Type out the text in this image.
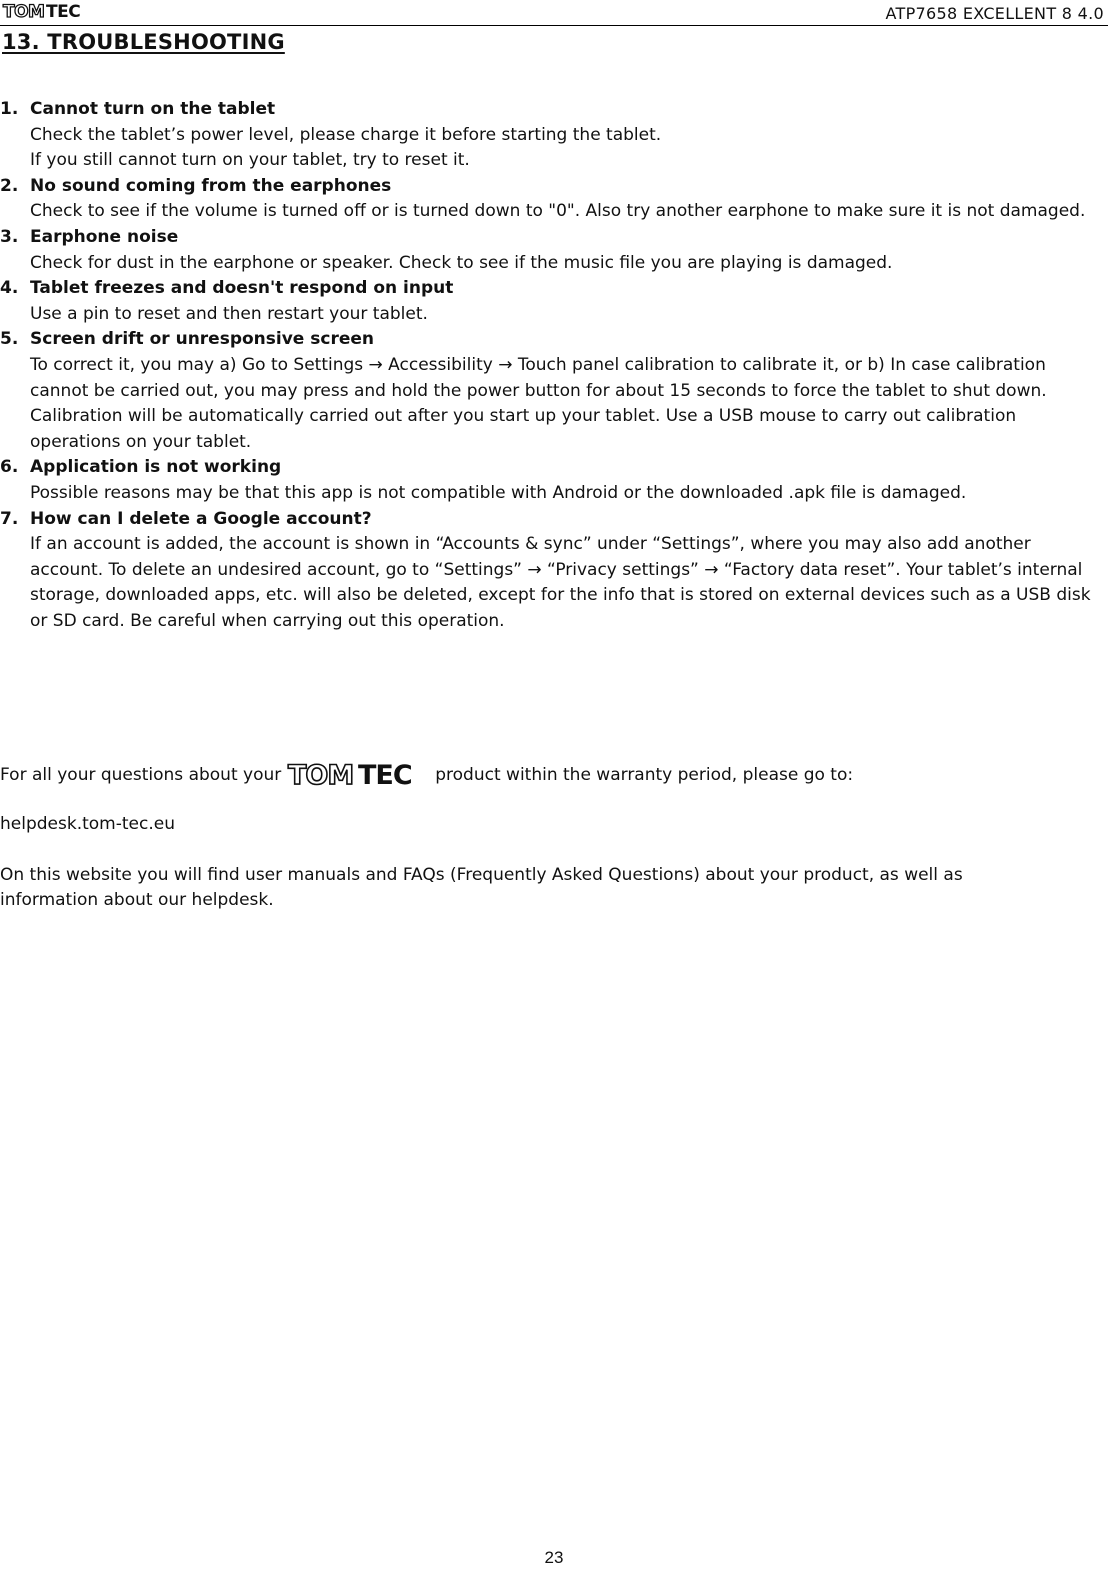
TOM TEC	ATP7658 EXCELLENT 8 4.0
13. TROUBLESHOOTING
1. Cannot turn on the tablet
Check the tablet’s power level, please charge it before starting the tablet.
If you still cannot turn on your tablet, try to reset it.
2. No sound coming from the earphones
Check to see if the volume is turned off or is turned down to "0". Also try another earphone to make sure it is not damaged.
3. Earphone noise
Check for dust in the earphone or speaker. Check to see if the music file you are playing is damaged.
4. Tablet freezes and doesn't respond on input
Use a pin to reset and then restart your tablet.
5. Screen drift or unresponsive screen
To correct it, you may a) Go to Settings → Accessibility → Touch panel calibration to calibrate it, or b) In case calibration cannot be carried out, you may press and hold the power button for about 15 seconds to force the tablet to shut down. Calibration will be automatically carried out after you start up your tablet. Use a USB mouse to carry out calibration operations on your tablet.
6. Application is not working
Possible reasons may be that this app is not compatible with Android or the downloaded .apk file is damaged.
7. How can I delete a Google account?
If an account is added, the account is shown in “Accounts & sync” under “Settings”, where you may also add another account. To delete an undesired account, go to “Settings” → “Privacy settings” → “Factory data reset”. Your tablet’s internal storage, downloaded apps, etc. will also be deleted, except for the info that is stored on external devices such as a USB disk or SD card. Be careful when carrying out this operation.
For all your questions about your TOM TEC product within the warranty period, please go to:
helpdesk.tom-tec.eu
On this website you will find user manuals and FAQs (Frequently Asked Questions) about your product, as well as information about our helpdesk.
23
